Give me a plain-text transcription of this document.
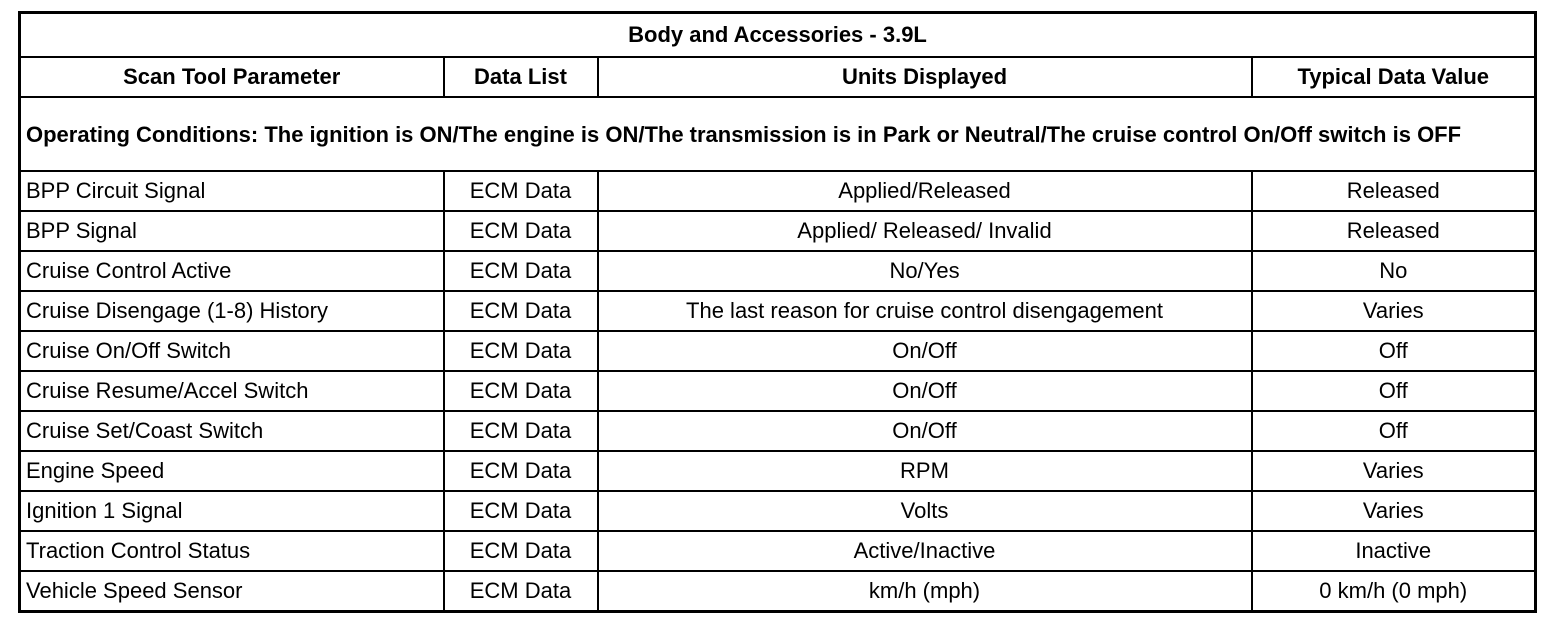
Body and Accessories - 3.9L			
Scan Tool Parameter	Data List	Units Displayed	Typical Data Value
Operating Conditions: The ignition is ON/The engine is ON/The transmission is in Park or Neutral/The cruise control On/Off switch is OFF			
BPP Circuit Signal	ECM Data	Applied/Released	Released
BPP Signal	ECM Data	Applied/ Released/ Invalid	Released
Cruise Control Active	ECM Data	No/Yes	No
Cruise Disengage (1-8) History	ECM Data	The last reason for cruise control disengagement	Varies
Cruise On/Off Switch	ECM Data	On/Off	Off
Cruise Resume/Accel Switch	ECM Data	On/Off	Off
Cruise Set/Coast Switch	ECM Data	On/Off	Off
Engine Speed	ECM Data	RPM	Varies
Ignition 1 Signal	ECM Data	Volts	Varies
Traction Control Status	ECM Data	Active/Inactive	Inactive
Vehicle Speed Sensor	ECM Data	km/h (mph)	0 km/h (0 mph)
